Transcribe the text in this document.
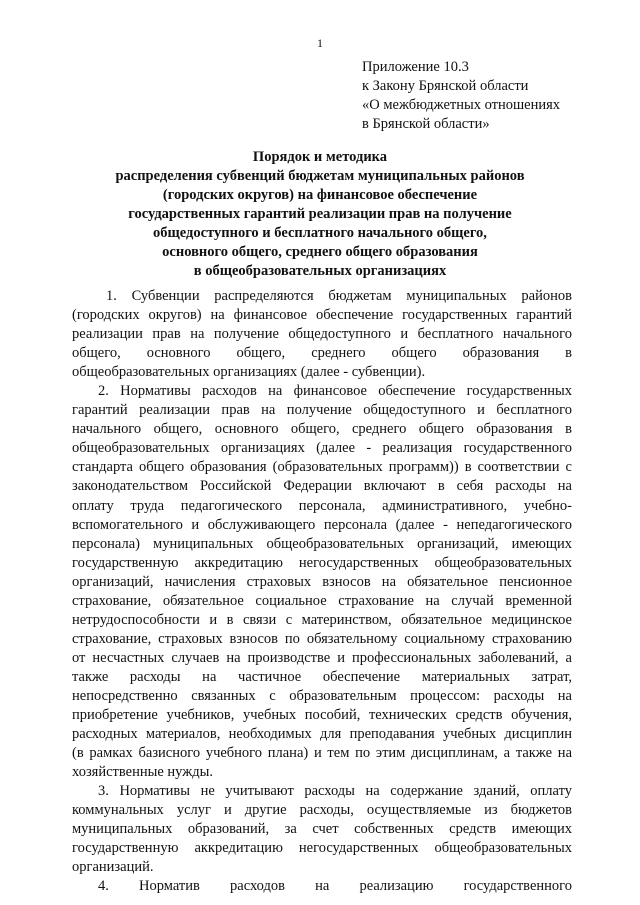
1
Приложение 10.3
к Закону Брянской области
«О межбюджетных отношениях
в Брянской области»
Порядок и методика
распределения субвенций бюджетам муниципальных районов
(городских округов) на финансовое обеспечение
государственных гарантий реализации прав на получение
общедоступного и бесплатного начального общего,
основного общего, среднего общего образования
в общеобразовательных организациях
1. Субвенции распределяются бюджетам муниципальных районов
(городских округов) на финансовое обеспечение государственных гарантий
реализации прав на получение общедоступного и бесплатного начального
общего, основного общего, среднего общего образования в
общеобразовательных организациях (далее - субвенции).
2. Нормативы расходов на финансовое обеспечение государственных
гарантий реализации прав на получение общедоступного и бесплатного
начального общего, основного общего, среднего общего образования в
общеобразовательных организациях (далее - реализация государственного
стандарта общего образования (образовательных программ)) в соответствии с
законодательством Российской Федерации включают в себя расходы на
оплату труда педагогического персонала, административного, учебно-
вспомогательного и обслуживающего персонала (далее - непедагогического
персонала) муниципальных общеобразовательных организаций, имеющих
государственную аккредитацию негосударственных общеобразовательных
организаций, начисления страховых взносов на обязательное пенсионное
страхование, обязательное социальное страхование на случай временной
нетрудоспособности и в связи с материнством, обязательное медицинское
страхование, страховых взносов по обязательному социальному страхованию
от несчастных случаев на производстве и профессиональных заболеваний, а
также расходы на частичное обеспечение материальных затрат,
непосредственно связанных с образовательным процессом: расходы на
приобретение учебников, учебных пособий, технических средств обучения,
расходных материалов, необходимых для преподавания учебных дисциплин
(в рамках базисного учебного плана) и тем по этим дисциплинам, а также на
хозяйственные нужды.
3. Нормативы не учитывают расходы на содержание зданий, оплату
коммунальных услуг и другие расходы, осуществляемые из бюджетов
муниципальных образований, за счет собственных средств имеющих
государственную аккредитацию негосударственных общеобразовательных
организаций.
4. Норматив расходов на реализацию государственного
